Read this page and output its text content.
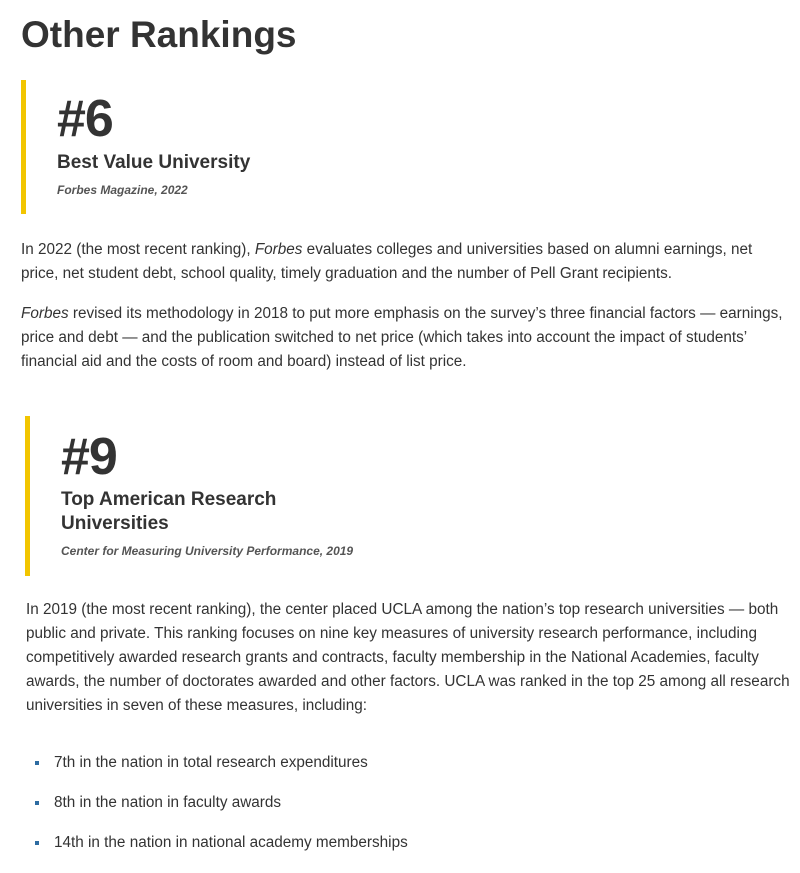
Other Rankings
#6
Best Value University
Forbes Magazine, 2022

In 2022 (the most recent ranking), Forbes evaluates colleges and universities based on alumni earnings, net price, net student debt, school quality, timely graduation and the number of Pell Grant recipients.

Forbes revised its methodology in 2018 to put more emphasis on the survey’s three financial factors — earnings, price and debt — and the publication switched to net price (which takes into account the impact of students’ financial aid and the costs of room and board) instead of list price.

#9
Top American Research Universities
Center for Measuring University Performance, 2019

In 2019 (the most recent ranking), the center placed UCLA among the nation’s top research universities — both public and private. This ranking focuses on nine key measures of university research performance, including competitively awarded research grants and contracts, faculty membership in the National Academies, faculty awards, the number of doctorates awarded and other factors. UCLA was ranked in the top 25 among all research universities in seven of these measures, including:

7th in the nation in total research expenditures
8th in the nation in faculty awards
14th in the nation in national academy memberships
